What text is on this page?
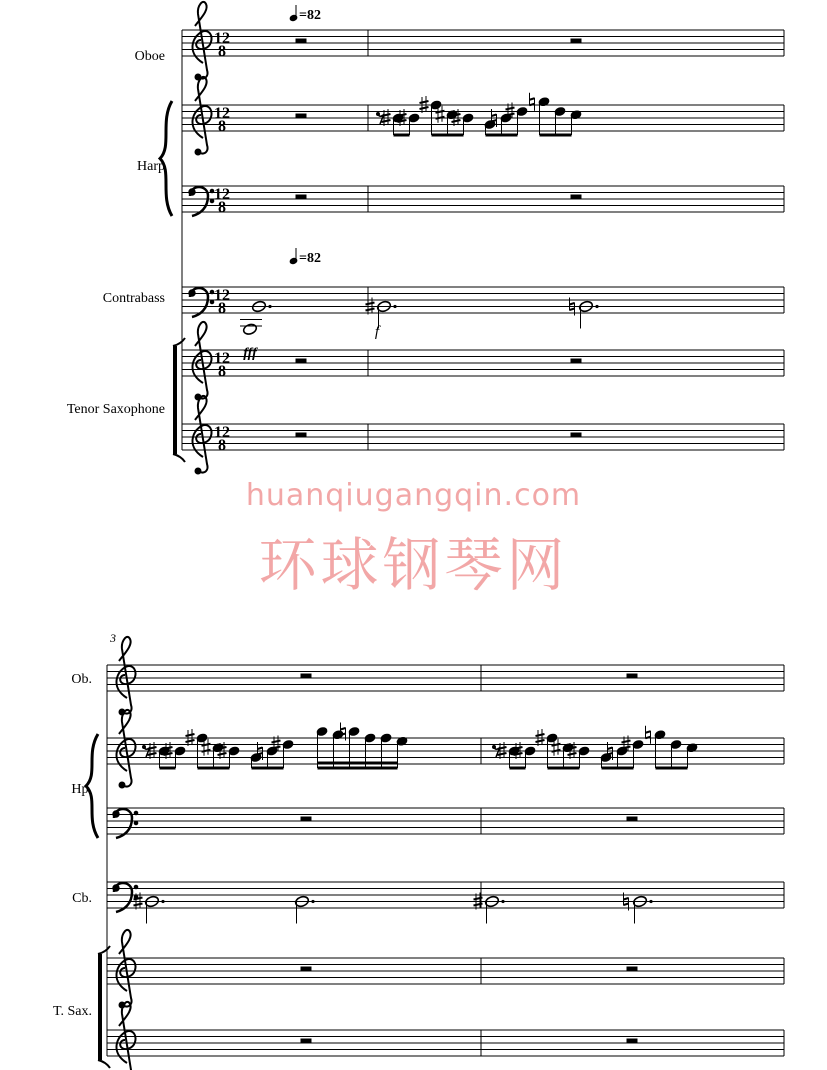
=82
Oboe
Harp
Contrabass
Tenor Saxophone
12
8
12
8
12
8
12
8
12
8
12
8
=82
f
fff
3
Ob.
Hp.
Cb.
T. Sax.
huanqiugangqin.com
环球钢琴网
